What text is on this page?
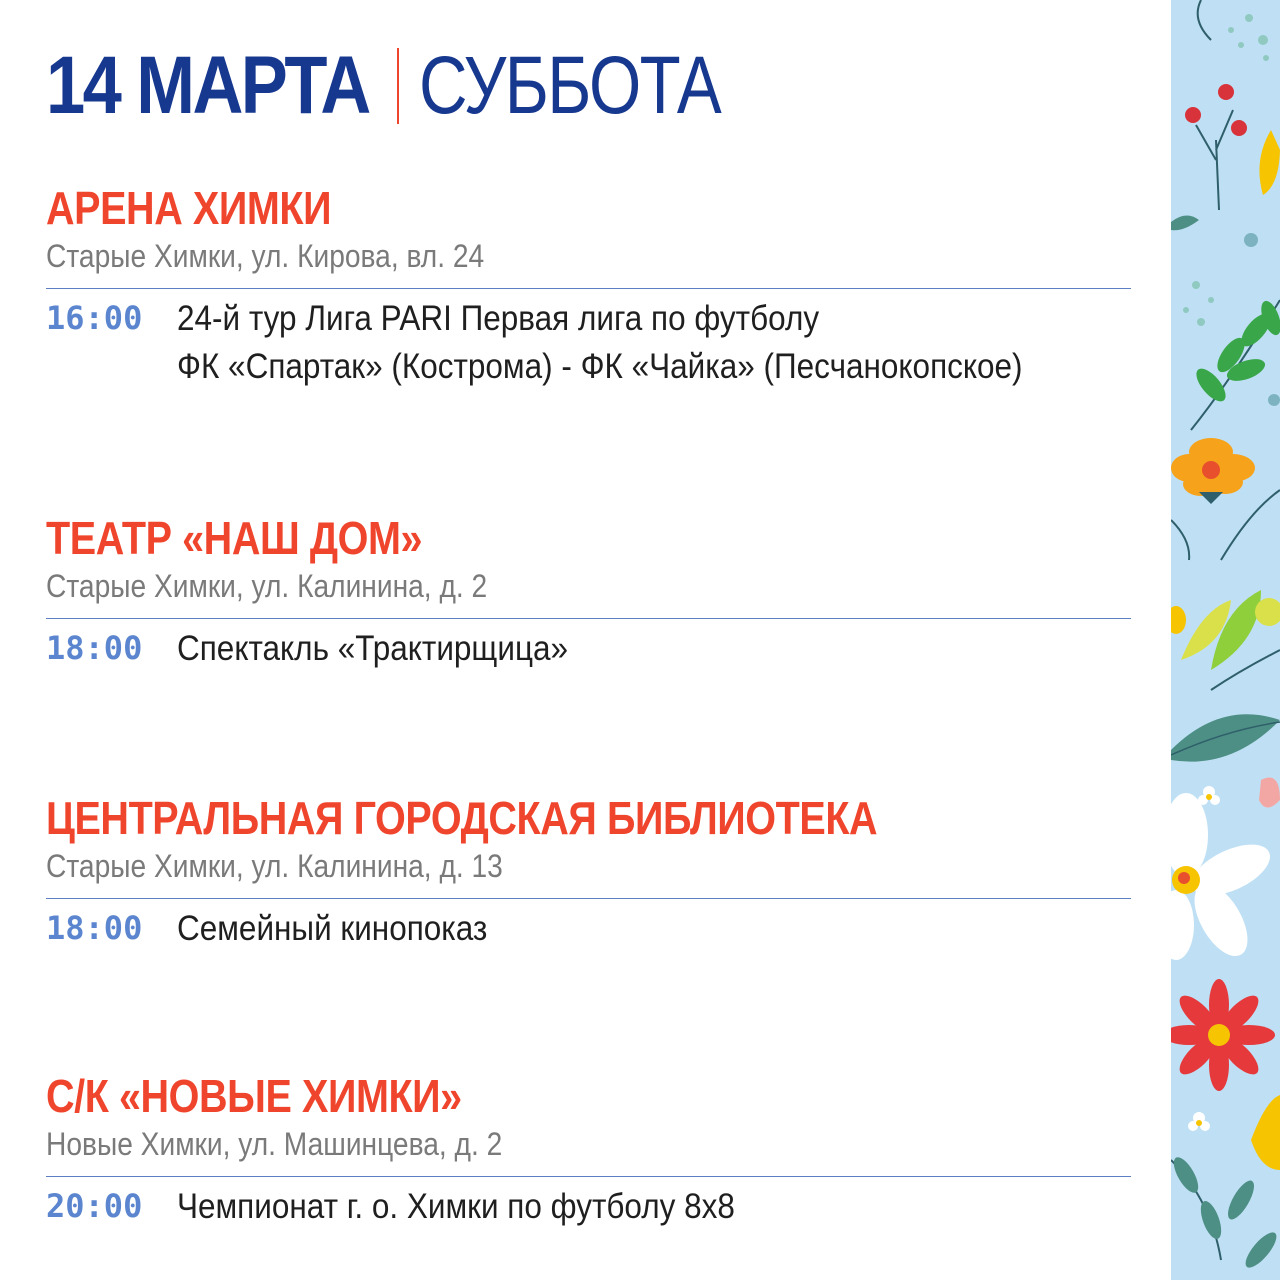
14 МАРТА СУББОТА
АРЕНА ХИМКИ
Старые Химки, ул. Кирова, вл. 24
16:00 24-й тур Лига PARI Первая лига по футболу
ФК «Спартак» (Кострома) - ФК «Чайка» (Песчанокопское)
ТЕАТР «НАШ ДОМ»
Старые Химки, ул. Калинина, д. 2
18:00 Спектакль «Трактирщица»
ЦЕНТРАЛЬНАЯ ГОРОДСКАЯ БИБЛИОТЕКА
Старые Химки, ул. Калинина, д. 13
18:00 Семейный кинопоказ
С/К «НОВЫЕ ХИМКИ»
Новые Химки, ул. Машинцева, д. 2
20:00 Чемпионат г. о. Химки по футболу 8х8
